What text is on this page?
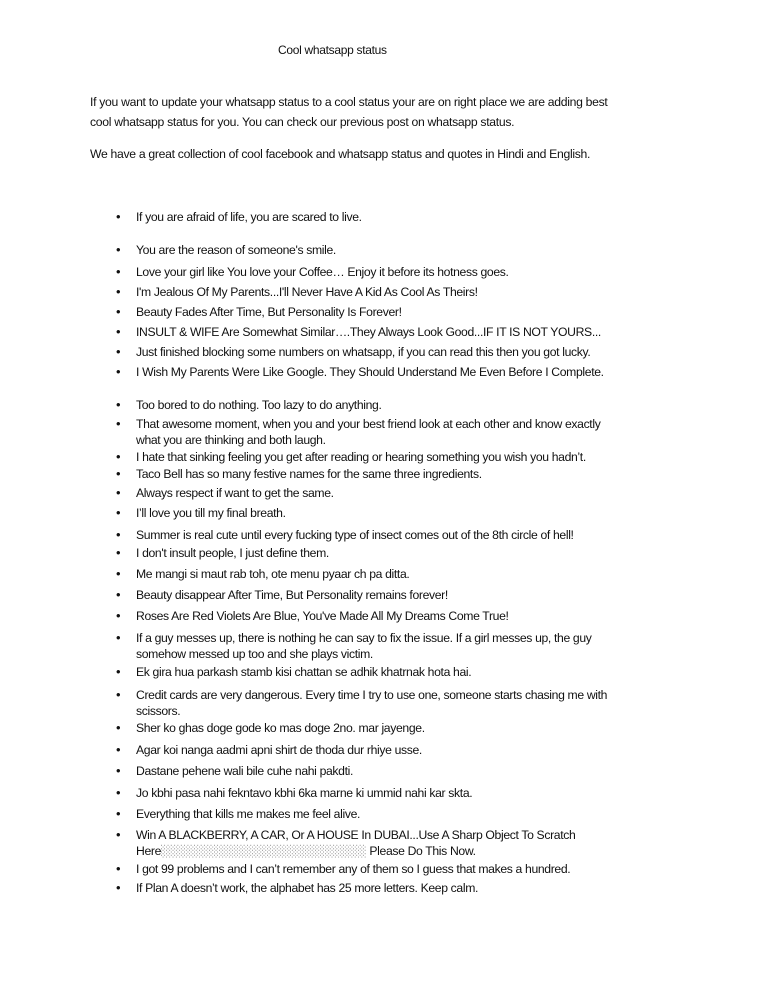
Cool whatsapp status
If you want to update your whatsapp status to a cool status your are on right place we are adding best
cool whatsapp status for you. You can check our previous post on whatsapp status.
We have a great collection of cool facebook and whatsapp status and quotes in Hindi and English.
• If you are afraid of life, you are scared to live.
• You are the reason of someone's smile.
• Love your girl like You love your Coffee… Enjoy it before its hotness goes.
• I'm Jealous Of My Parents...I'll Never Have A Kid As Cool As Theirs!
• Beauty Fades After Time, But Personality Is Forever!
• INSULT & WIFE Are Somewhat Similar….They Always Look Good...IF IT IS NOT YOURS...
• Just finished blocking some numbers on whatsapp, if you can read this then you got lucky.
• I Wish My Parents Were Like Google. They Should Understand Me Even Before I Complete.
• Too bored to do nothing. Too lazy to do anything.
• That awesome moment, when you and your best friend look at each other and know exactly
what you are thinking and both laugh.
• I hate that sinking feeling you get after reading or hearing something you wish you hadn’t.
• Taco Bell has so many festive names for the same three ingredients.
• Always respect if want to get the same.
• I’ll love you till my final breath.
• Summer is real cute until every fucking type of insect comes out of the 8th circle of hell!
• I don't insult people, I just define them.
• Me mangi si maut rab toh, ote menu pyaar ch pa ditta.
• Beauty disappear After Time, But Personality remains forever!
• Roses Are Red Violets Are Blue, You've Made All My Dreams Come True!
• If a guy messes up, there is nothing he can say to fix the issue. If a girl messes up, the guy
somehow messed up too and she plays victim.
• Ek gira hua parkash stamb kisi chattan se adhik khatrnak hota hai.
• Credit cards are very dangerous. Every time I try to use one, someone starts chasing me with
scissors.
• Sher ko ghas doge gode ko mas doge 2no. mar jayenge.
• Agar koi nanga aadmi apni shirt de thoda dur rhiye usse.
• Dastane pehene wali bile cuhe nahi pakdti.
• Jo kbhi pasa nahi fekntavo kbhi 6ka marne ki ummid nahi kar skta.
• Everything that kills me makes me feel alive.
• Win A BLACKBERRY, A CAR, Or A HOUSE In DUBAI...Use A Sharp Object To Scratch
Here░░░░░░░░░░░░░░░░░░░░░░░░░░░░░░░ Please Do This Now.
• I got 99 problems and I can’t remember any of them so I guess that makes a hundred.
• If Plan A doesn’t work, the alphabet has 25 more letters. Keep calm.
